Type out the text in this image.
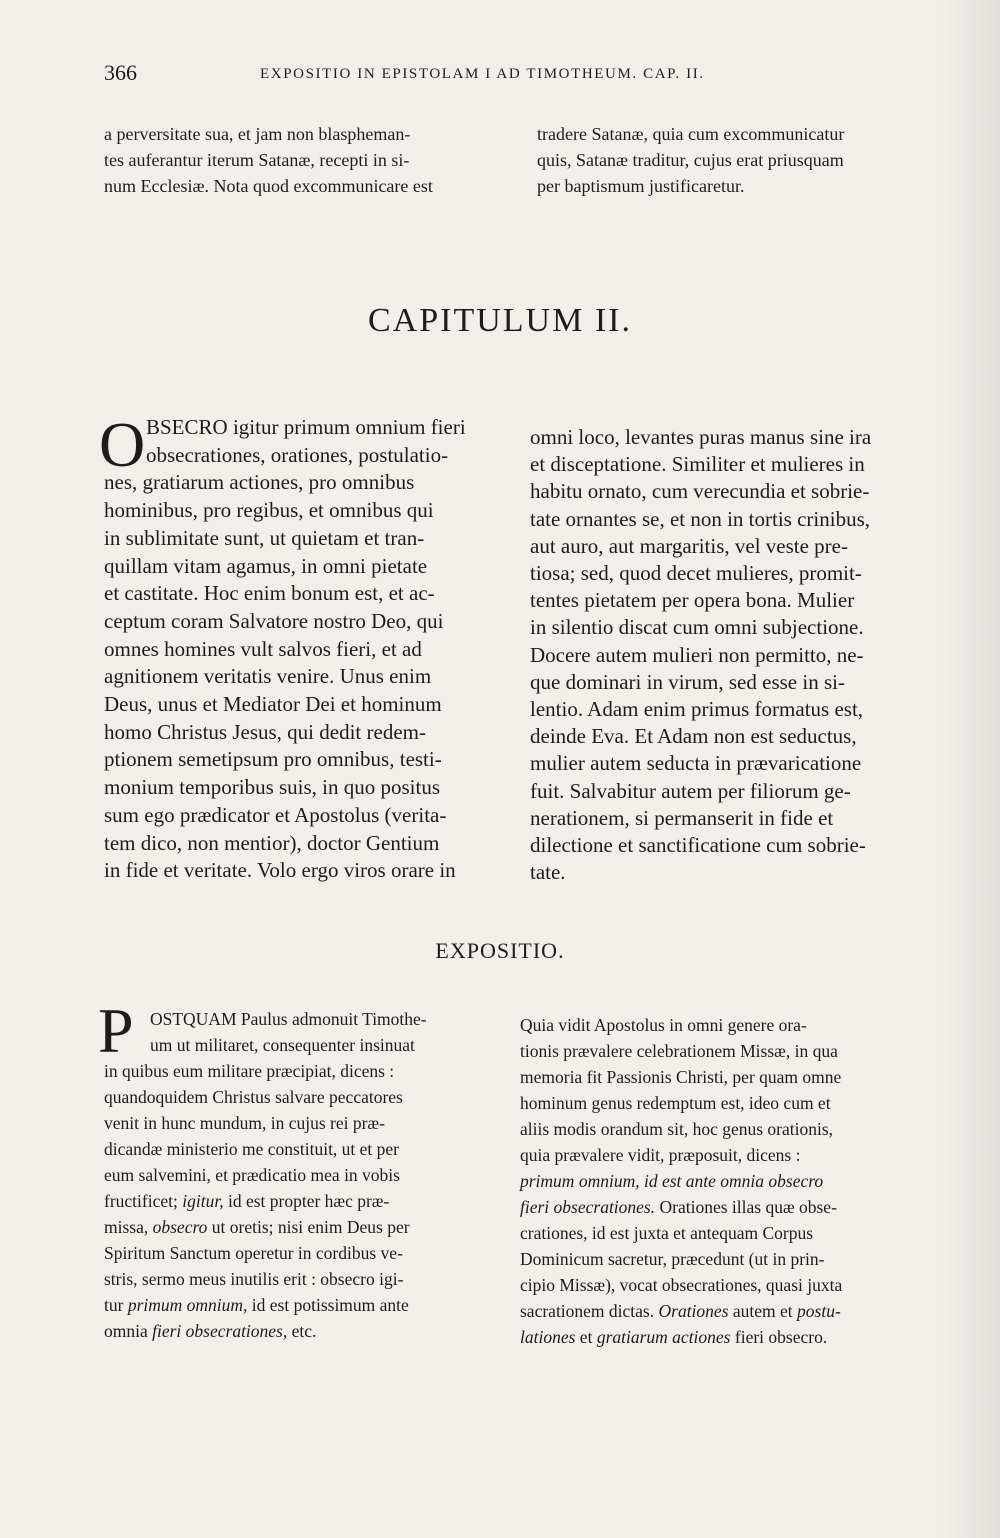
366	EXPOSITIO IN EPISTOLAM I AD TIMOTHEUM. CAP. II.
a perversitate sua, et jam non blaspheman-
tes auferantur iterum Satanæ, recepti in si-
num Ecclesiæ. Nota quod excommunicare est
tradere Satanæ, quia cum excommunicatur
quis, Satanæ traditur, cujus erat priusquam
per baptismum justificaretur.
CAPITULUM II.
O BSECRO igitur primum omnium fieri
obsecrationes, orationes, postulatio-
nes, gratiarum actiones, pro omnibus
hominibus, pro regibus, et omnibus qui
in sublimitate sunt, ut quietam et tran-
quillam vitam agamus, in omni pietate
et castitate. Hoc enim bonum est, et ac-
ceptum coram Salvatore nostro Deo, qui
omnes homines vult salvos fieri, et ad
agnitionem veritatis venire. Unus enim
Deus, unus et Mediator Dei et hominum
homo Christus Jesus, qui dedit redem-
ptionem semetipsum pro omnibus, testi-
monium temporibus suis, in quo positus
sum ego prædicator et Apostolus (verita-
tem dico, non mentior), doctor Gentium
in fide et veritate. Volo ergo viros orare in
omni loco, levantes puras manus sine ira
et disceptatione. Similiter et mulieres in
habitu ornato, cum verecundia et sobrie-
tate ornantes se, et non in tortis crinibus,
aut auro, aut margaritis, vel veste pre-
tiosa; sed, quod decet mulieres, promit-
tentes pietatem per opera bona. Mulier
in silentio discat cum omni subjectione.
Docere autem mulieri non permitto, ne-
que dominari in virum, sed esse in si-
lentio. Adam enim primus formatus est,
deinde Eva. Et Adam non est seductus,
mulier autem seducta in prævaricatione
fuit. Salvabitur autem per filiorum ge-
nerationem, si permanserit in fide et
dilectione et sanctificatione cum sobrie-
tate.
EXPOSITIO.
P OSTQUAM Paulus admonuit Timothe-
um ut militaret, consequenter insinuat
in quibus eum militare præcipiat, dicens :
quandoquidem Christus salvare peccatores
venit in hunc mundum, in cujus rei præ-
dicandæ ministerio me constituit, ut et per
eum salvemini, et prædicatio mea in vobis
fructificet; igitur, id est propter hæc præ-
missa, obsecro ut oretis; nisi enim Deus per
Spiritum Sanctum operetur in cordibus ve-
stris, sermo meus inutilis erit : obsecro igi-
tur primum omnium, id est potissimum ante
omnia fieri obsecrationes, etc.
Quia vidit Apostolus in omni genere ora-
tionis prævalere celebrationem Missæ, in qua
memoria fit Passionis Christi, per quam omne
hominum genus redemptum est, ideo cum et
aliis modis orandum sit, hoc genus orationis,
quia prævalere vidit, præposuit, dicens :
primum omnium, id est ante omnia obsecro
fieri obsecrationes. Orationes illas quæ obse-
crationes, id est juxta et antequam Corpus
Dominicum sacretur, præcedunt (ut in prin-
cipio Missæ), vocat obsecrationes, quasi juxta
sacrationem dictas. Orationes autem et postu-
lationes et gratiarum actiones fieri obsecro.
